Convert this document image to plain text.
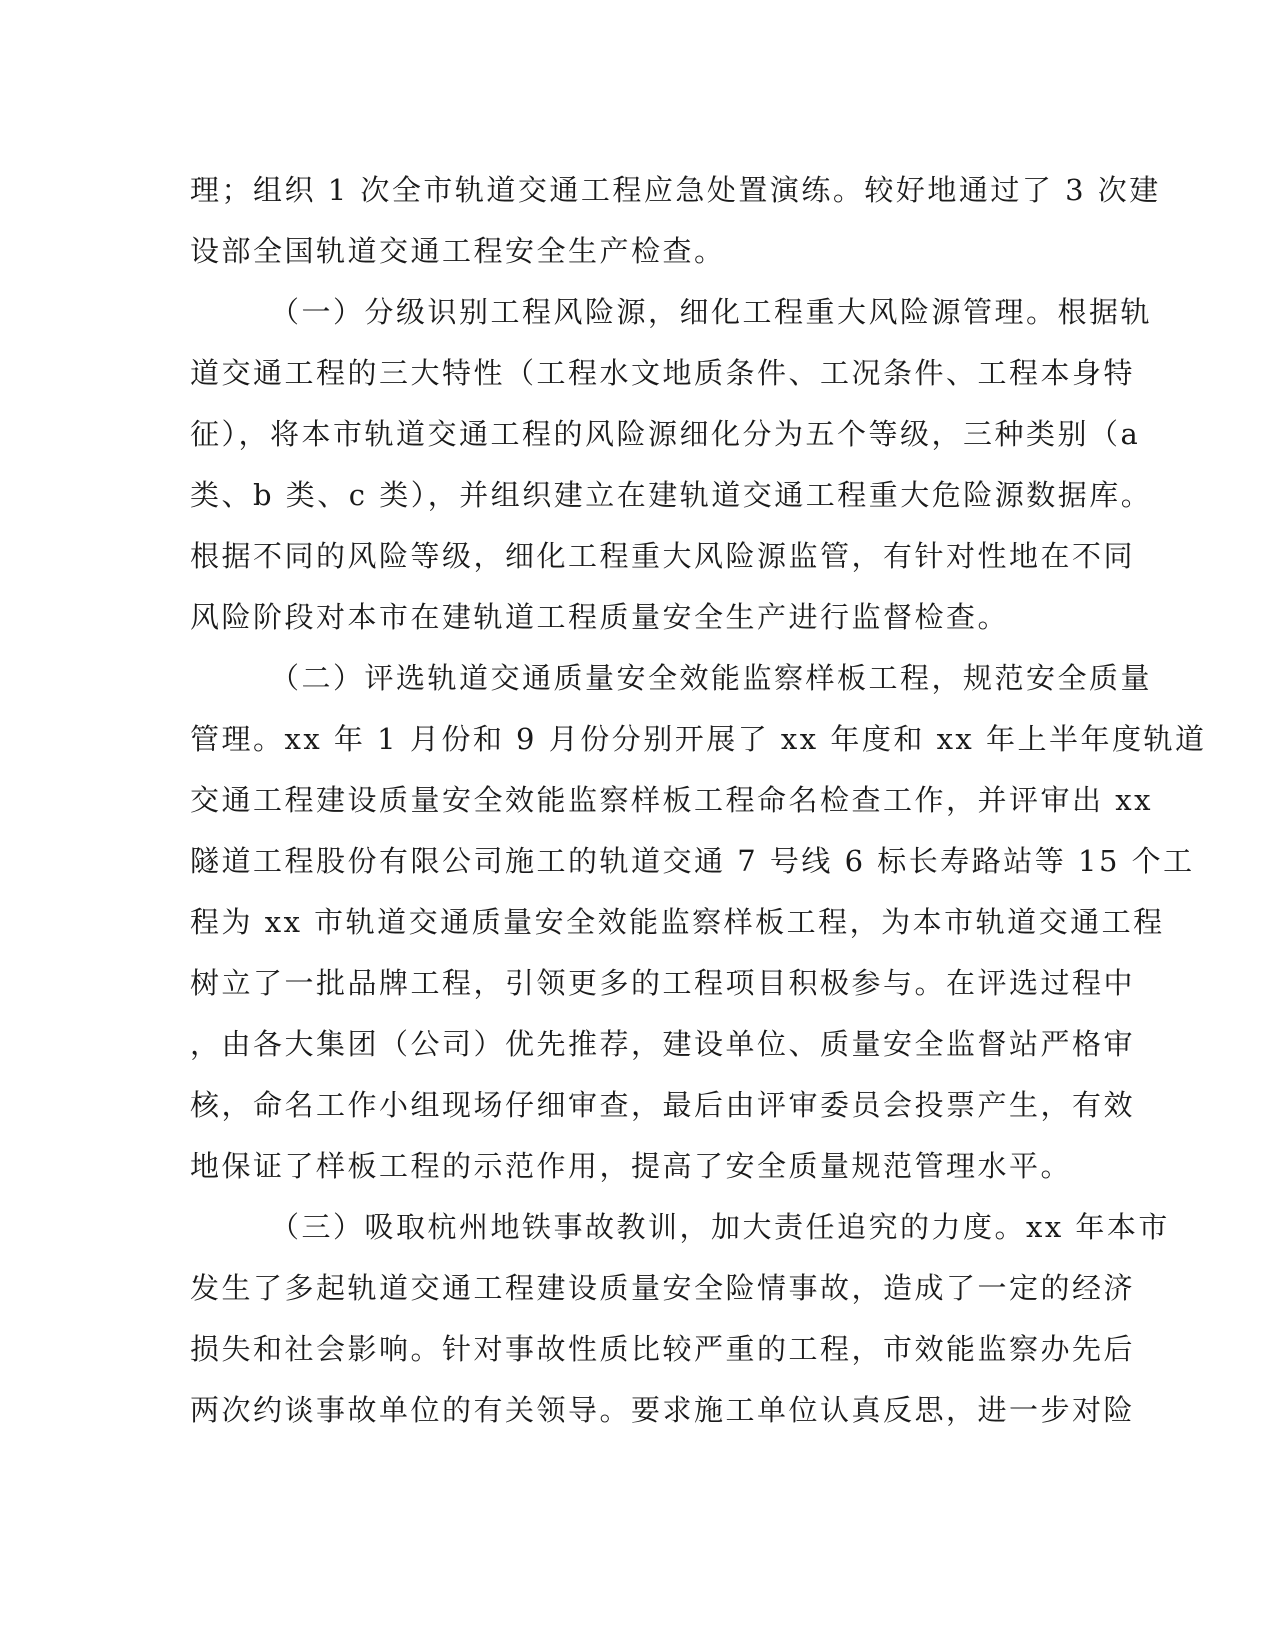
理；组织 1 次全市轨道交通工程应急处置演练。较好地通过了 3 次建
设部全国轨道交通工程安全生产检查。
（一）分级识别工程风险源，细化工程重大风险源管理。根据轨
道交通工程的三大特性（工程水文地质条件、工况条件、工程本身特
征），将本市轨道交通工程的风险源细化分为五个等级，三种类别（a
类、b 类、c 类），并组织建立在建轨道交通工程重大危险源数据库。
根据不同的风险等级，细化工程重大风险源监管，有针对性地在不同
风险阶段对本市在建轨道工程质量安全生产进行监督检查。
（二）评选轨道交通质量安全效能监察样板工程，规范安全质量
管理。xx 年 1 月份和 9 月份分别开展了 xx 年度和 xx 年上半年度轨道
交通工程建设质量安全效能监察样板工程命名检查工作，并评审出 xx
隧道工程股份有限公司施工的轨道交通 7 号线 6 标长寿路站等 15 个工
程为 xx 市轨道交通质量安全效能监察样板工程，为本市轨道交通工程
树立了一批品牌工程，引领更多的工程项目积极参与。在评选过程中
，由各大集团（公司）优先推荐，建设单位、质量安全监督站严格审
核，命名工作小组现场仔细审查，最后由评审委员会投票产生，有效
地保证了样板工程的示范作用，提高了安全质量规范管理水平。
（三）吸取杭州地铁事故教训，加大责任追究的力度。xx 年本市
发生了多起轨道交通工程建设质量安全险情事故，造成了一定的经济
损失和社会影响。针对事故性质比较严重的工程，市效能监察办先后
两次约谈事故单位的有关领导。要求施工单位认真反思，进一步对险
